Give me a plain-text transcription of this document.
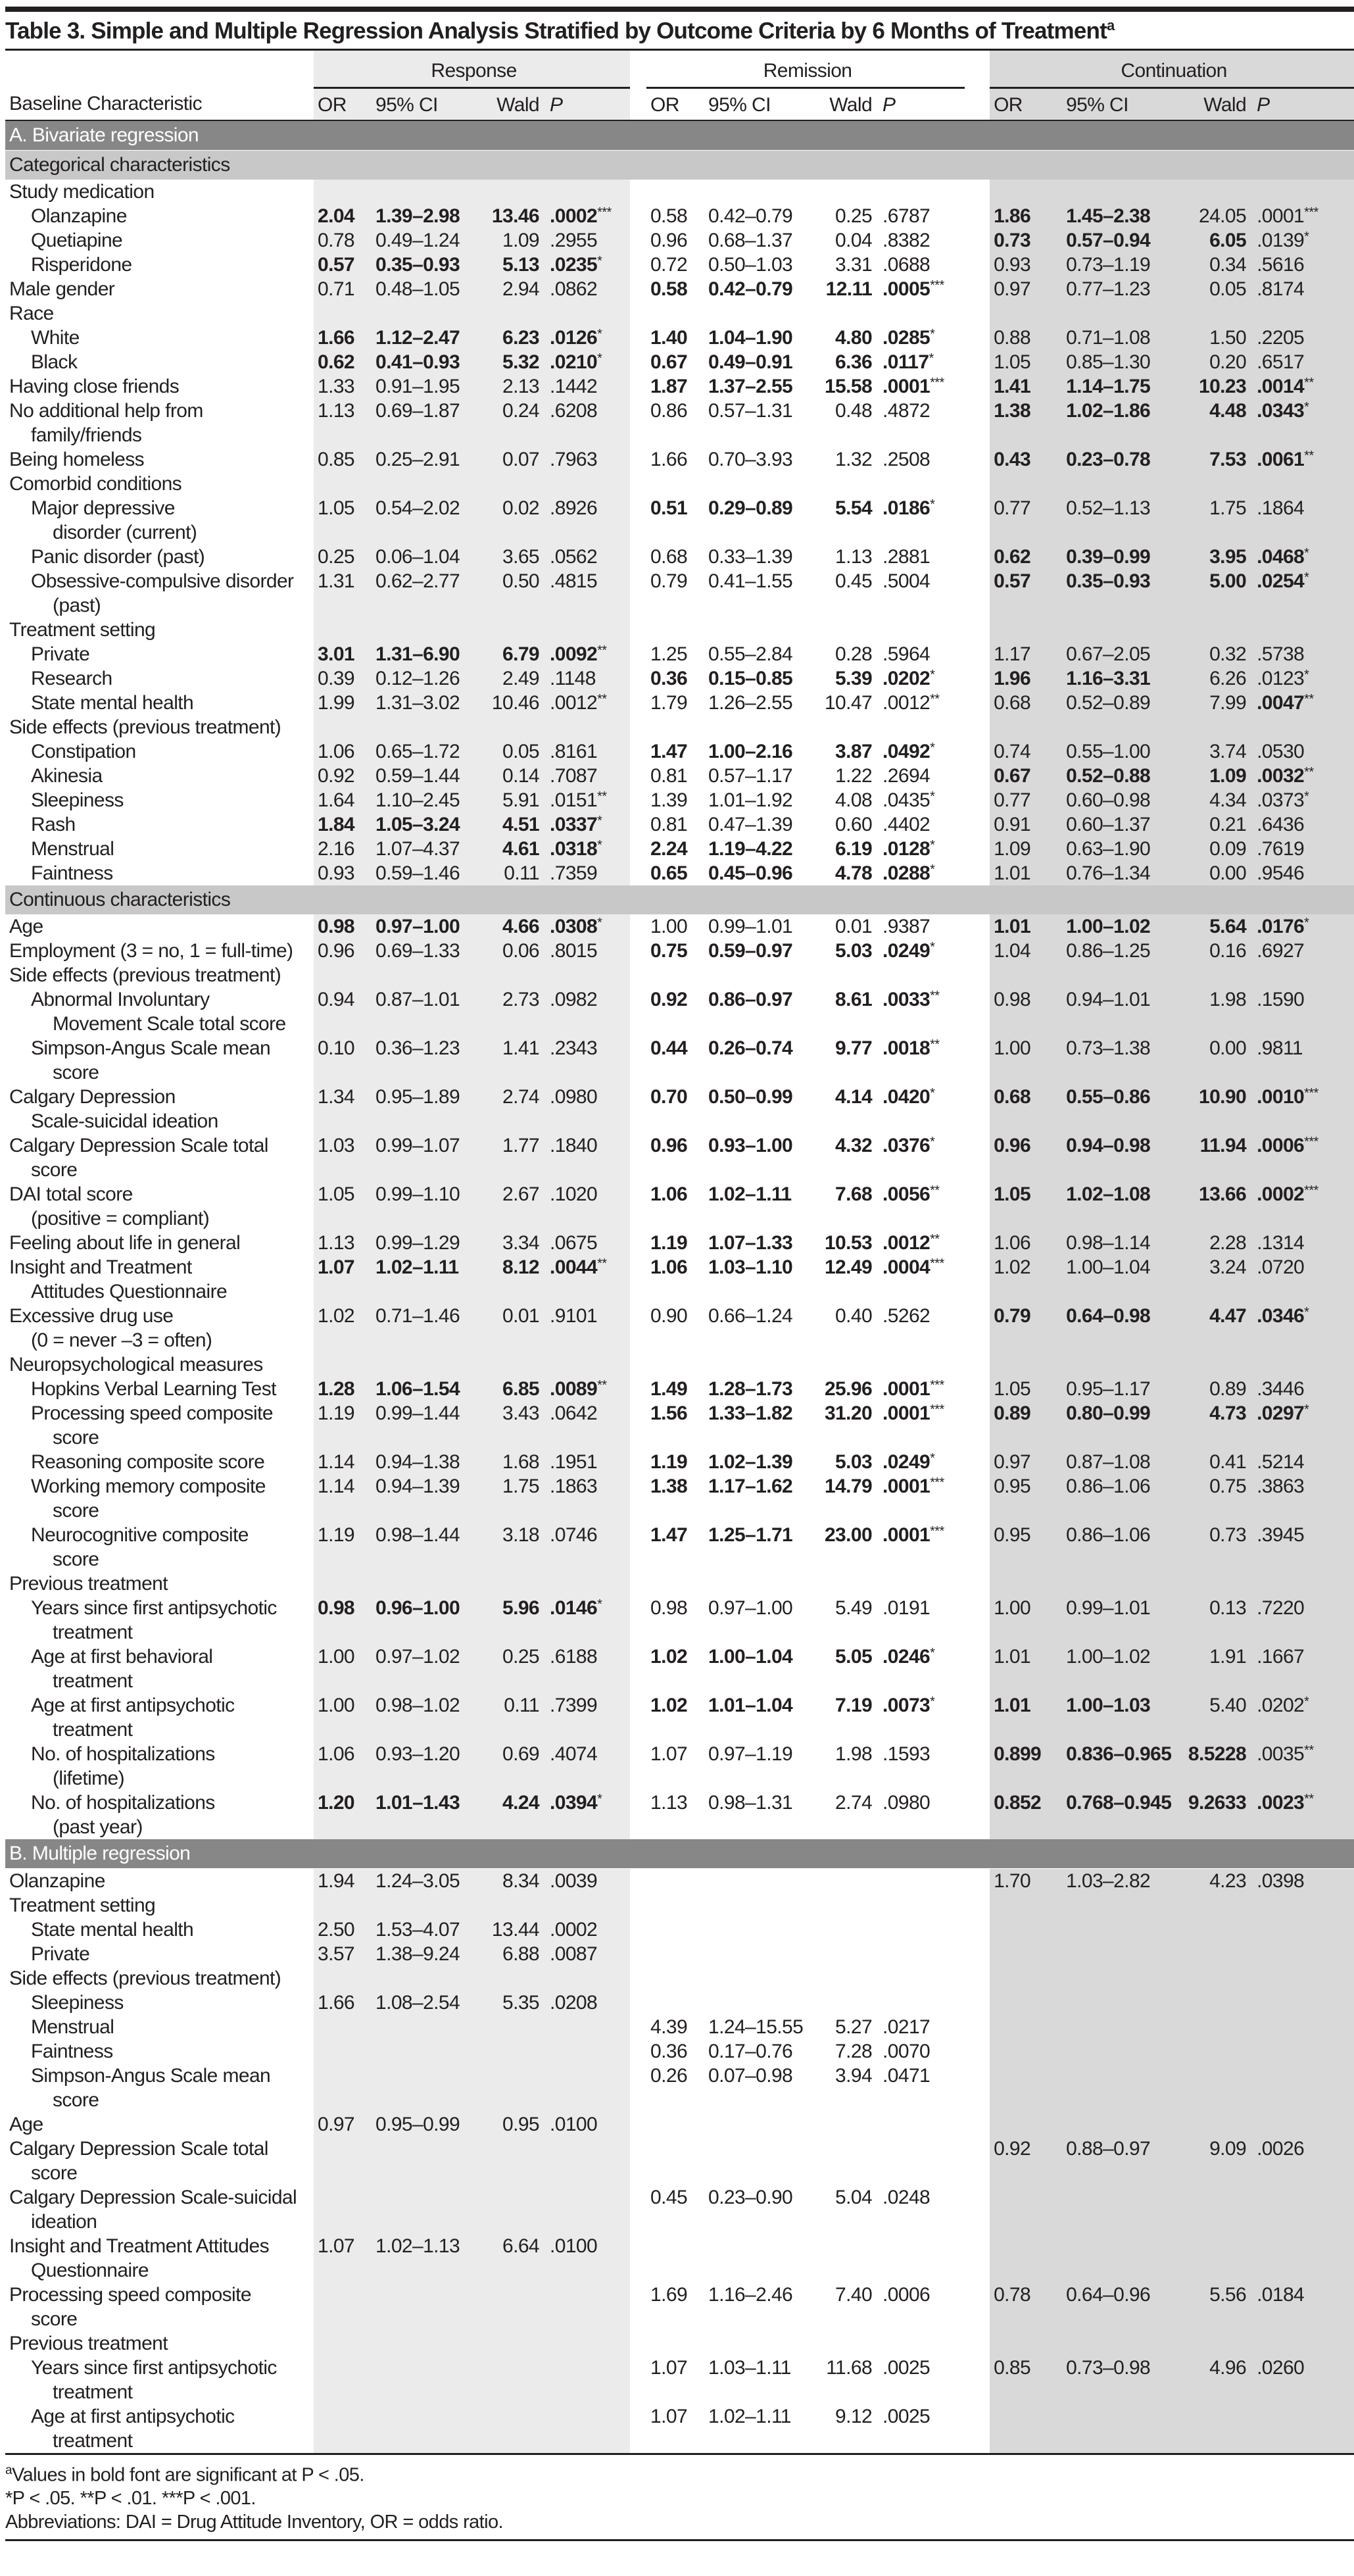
Table 3. Simple and Multiple Regression Analysis Stratified by Outcome Criteria by 6 Months of Treatment$^a$
	Response					Remission					Continuation			
Baseline Characteristic	OR	95% CI	Wald	P		OR	95% CI	Wald	P		OR	95% CI	Wald	P
A. Bivariate regression														
Categorical characteristics														
Study medication														
Olanzapine	2.04	1.39–2.98	13.46	.0002***		0.58	0.42–0.79	0.25	.6787		1.86	1.45–2.38	24.05	.0001***
Quetiapine	0.78	0.49–1.24	1.09	.2955		0.96	0.68–1.37	0.04	.8382		0.73	0.57–0.94	6.05	.0139*
Risperidone	0.57	0.35–0.93	5.13	.0235*		0.72	0.50–1.03	3.31	.0688		0.93	0.73–1.19	0.34	.5616
Male gender	0.71	0.48–1.05	2.94	.0862		0.58	0.42–0.79	12.11	.0005***		0.97	0.77–1.23	0.05	.8174
Race														
White	1.66	1.12–2.47	6.23	.0126*		1.40	1.04–1.90	4.80	.0285*		0.88	0.71–1.08	1.50	.2205
Black	0.62	0.41–0.93	5.32	.0210*		0.67	0.49–0.91	6.36	.0117*		1.05	0.85–1.30	0.20	.6517
Having close friends	1.33	0.91–1.95	2.13	.1442		1.87	1.37–2.55	15.58	.0001***		1.41	1.14–1.75	10.23	.0014**
No additional help from
family/friends	1.13	0.69–1.87	0.24	.6208		0.86	0.57–1.31	0.48	.4872		1.38	1.02–1.86	4.48	.0343*
Being homeless	0.85	0.25–2.91	0.07	.7963		1.66	0.70–3.93	1.32	.2508		0.43	0.23–0.78	7.53	.0061**
Comorbid conditions														
Major depressive
disorder (current)	1.05	0.54–2.02	0.02	.8926		0.51	0.29–0.89	5.54	.0186*		0.77	0.52–1.13	1.75	.1864
Panic disorder (past)	0.25	0.06–1.04	3.65	.0562		0.68	0.33–1.39	1.13	.2881		0.62	0.39–0.99	3.95	.0468*
Obsessive-compulsive disorder
(past)	1.31	0.62–2.77	0.50	.4815		0.79	0.41–1.55	0.45	.5004		0.57	0.35–0.93	5.00	.0254*
Treatment setting														
Private	3.01	1.31–6.90	6.79	.0092**		1.25	0.55–2.84	0.28	.5964		1.17	0.67–2.05	0.32	.5738
Research	0.39	0.12–1.26	2.49	.1148		0.36	0.15–0.85	5.39	.0202*		1.96	1.16–3.31	6.26	.0123*
State mental health	1.99	1.31–3.02	10.46	.0012**		1.79	1.26–2.55	10.47	.0012**		0.68	0.52–0.89	7.99	.0047**
Side effects (previous treatment)														
Constipation	1.06	0.65–1.72	0.05	.8161		1.47	1.00–2.16	3.87	.0492*		0.74	0.55–1.00	3.74	.0530
Akinesia	0.92	0.59–1.44	0.14	.7087		0.81	0.57–1.17	1.22	.2694		0.67	0.52–0.88	1.09	.0032**
Sleepiness	1.64	1.10–2.45	5.91	.0151**		1.39	1.01–1.92	4.08	.0435*		0.77	0.60–0.98	4.34	.0373*
Rash	1.84	1.05–3.24	4.51	.0337*		0.81	0.47–1.39	0.60	.4402		0.91	0.60–1.37	0.21	.6436
Menstrual	2.16	1.07–4.37	4.61	.0318*		2.24	1.19–4.22	6.19	.0128*		1.09	0.63–1.90	0.09	.7619
Faintness	0.93	0.59–1.46	0.11	.7359		0.65	0.45–0.96	4.78	.0288*		1.01	0.76–1.34	0.00	.9546
Continuous characteristics														
Age	0.98	0.97–1.00	4.66	.0308*		1.00	0.99–1.01	0.01	.9387		1.01	1.00–1.02	5.64	.0176*
Employment (3 = no, 1 = full-time)	0.96	0.69–1.33	0.06	.8015		0.75	0.59–0.97	5.03	.0249*		1.04	0.86–1.25	0.16	.6927
Side effects (previous treatment)														
Abnormal Involuntary
Movement Scale total score	0.94	0.87–1.01	2.73	.0982		0.92	0.86–0.97	8.61	.0033**		0.98	0.94–1.01	1.98	.1590
Simpson-Angus Scale mean
score	0.10	0.36–1.23	1.41	.2343		0.44	0.26–0.74	9.77	.0018**		1.00	0.73–1.38	0.00	.9811
Calgary Depression
Scale-suicidal ideation	1.34	0.95–1.89	2.74	.0980		0.70	0.50–0.99	4.14	.0420*		0.68	0.55–0.86	10.90	.0010***
Calgary Depression Scale total
score	1.03	0.99–1.07	1.77	.1840		0.96	0.93–1.00	4.32	.0376*		0.96	0.94–0.98	11.94	.0006***
DAI total score
(positive = compliant)	1.05	0.99–1.10	2.67	.1020		1.06	1.02–1.11	7.68	.0056**		1.05	1.02–1.08	13.66	.0002***
Feeling about life in general	1.13	0.99–1.29	3.34	.0675		1.19	1.07–1.33	10.53	.0012**		1.06	0.98–1.14	2.28	.1314
Insight and Treatment
Attitudes Questionnaire	1.07	1.02–1.11	8.12	.0044**		1.06	1.03–1.10	12.49	.0004***		1.02	1.00–1.04	3.24	.0720
Excessive drug use
(0 = never –3 = often)	1.02	0.71–1.46	0.01	.9101		0.90	0.66–1.24	0.40	.5262		0.79	0.64–0.98	4.47	.0346*
Neuropsychological measures														
Hopkins Verbal Learning Test	1.28	1.06–1.54	6.85	.0089**		1.49	1.28–1.73	25.96	.0001***		1.05	0.95–1.17	0.89	.3446
Processing speed composite
score	1.19	0.99–1.44	3.43	.0642		1.56	1.33–1.82	31.20	.0001***		0.89	0.80–0.99	4.73	.0297*
Reasoning composite score	1.14	0.94–1.38	1.68	.1951		1.19	1.02–1.39	5.03	.0249*		0.97	0.87–1.08	0.41	.5214
Working memory composite
score	1.14	0.94–1.39	1.75	.1863		1.38	1.17–1.62	14.79	.0001***		0.95	0.86–1.06	0.75	.3863
Neurocognitive composite
score	1.19	0.98–1.44	3.18	.0746		1.47	1.25–1.71	23.00	.0001***		0.95	0.86–1.06	0.73	.3945
Previous treatment														
Years since first antipsychotic
treatment	0.98	0.96–1.00	5.96	.0146*		0.98	0.97–1.00	5.49	.0191		1.00	0.99–1.01	0.13	.7220
Age at first behavioral
treatment	1.00	0.97–1.02	0.25	.6188		1.02	1.00–1.04	5.05	.0246*		1.01	1.00–1.02	1.91	.1667
Age at first antipsychotic
treatment	1.00	0.98–1.02	0.11	.7399		1.02	1.01–1.04	7.19	.0073*		1.01	1.00–1.03	5.40	.0202*
No. of hospitalizations
(lifetime)	1.06	0.93–1.20	0.69	.4074		1.07	0.97–1.19	1.98	.1593		0.899	0.836–0.965	8.5228	.0035**
No. of hospitalizations
(past year)	1.20	1.01–1.43	4.24	.0394*		1.13	0.98–1.31	2.74	.0980		0.852	0.768–0.945	9.2633	.0023**
B. Multiple regression														
Olanzapine	1.94	1.24–3.05	8.34	.0039							1.70	1.03–2.82	4.23	.0398
Treatment setting														
State mental health	2.50	1.53–4.07	13.44	.0002										
Private	3.57	1.38–9.24	6.88	.0087										
Side effects (previous treatment)														
Sleepiness	1.66	1.08–2.54	5.35	.0208										
Menstrual						4.39	1.24–15.55	5.27	.0217					
Faintness						0.36	0.17–0.76	7.28	.0070					
Simpson-Angus Scale mean
score						0.26	0.07–0.98	3.94	.0471					
Age	0.97	0.95–0.99	0.95	.0100										
Calgary Depression Scale total
score											0.92	0.88–0.97	9.09	.0026
Calgary Depression Scale-suicidal
ideation						0.45	0.23–0.90	5.04	.0248					
Insight and Treatment Attitudes
Questionnaire	1.07	1.02–1.13	6.64	.0100										
Processing speed composite
score						1.69	1.16–2.46	7.40	.0006		0.78	0.64–0.96	5.56	.0184
Previous treatment														
Years since first antipsychotic
treatment						1.07	1.03–1.11	11.68	.0025		0.85	0.73–0.98	4.96	.0260
Age at first antipsychotic
treatment						1.07	1.02–1.11	9.12	.0025					
$^a$Values in bold font are significant at P < .05.
*P < .05. **P < .01. ***P < .001.
Abbreviations: DAI = Drug Attitude Inventory, OR = odds ratio.
